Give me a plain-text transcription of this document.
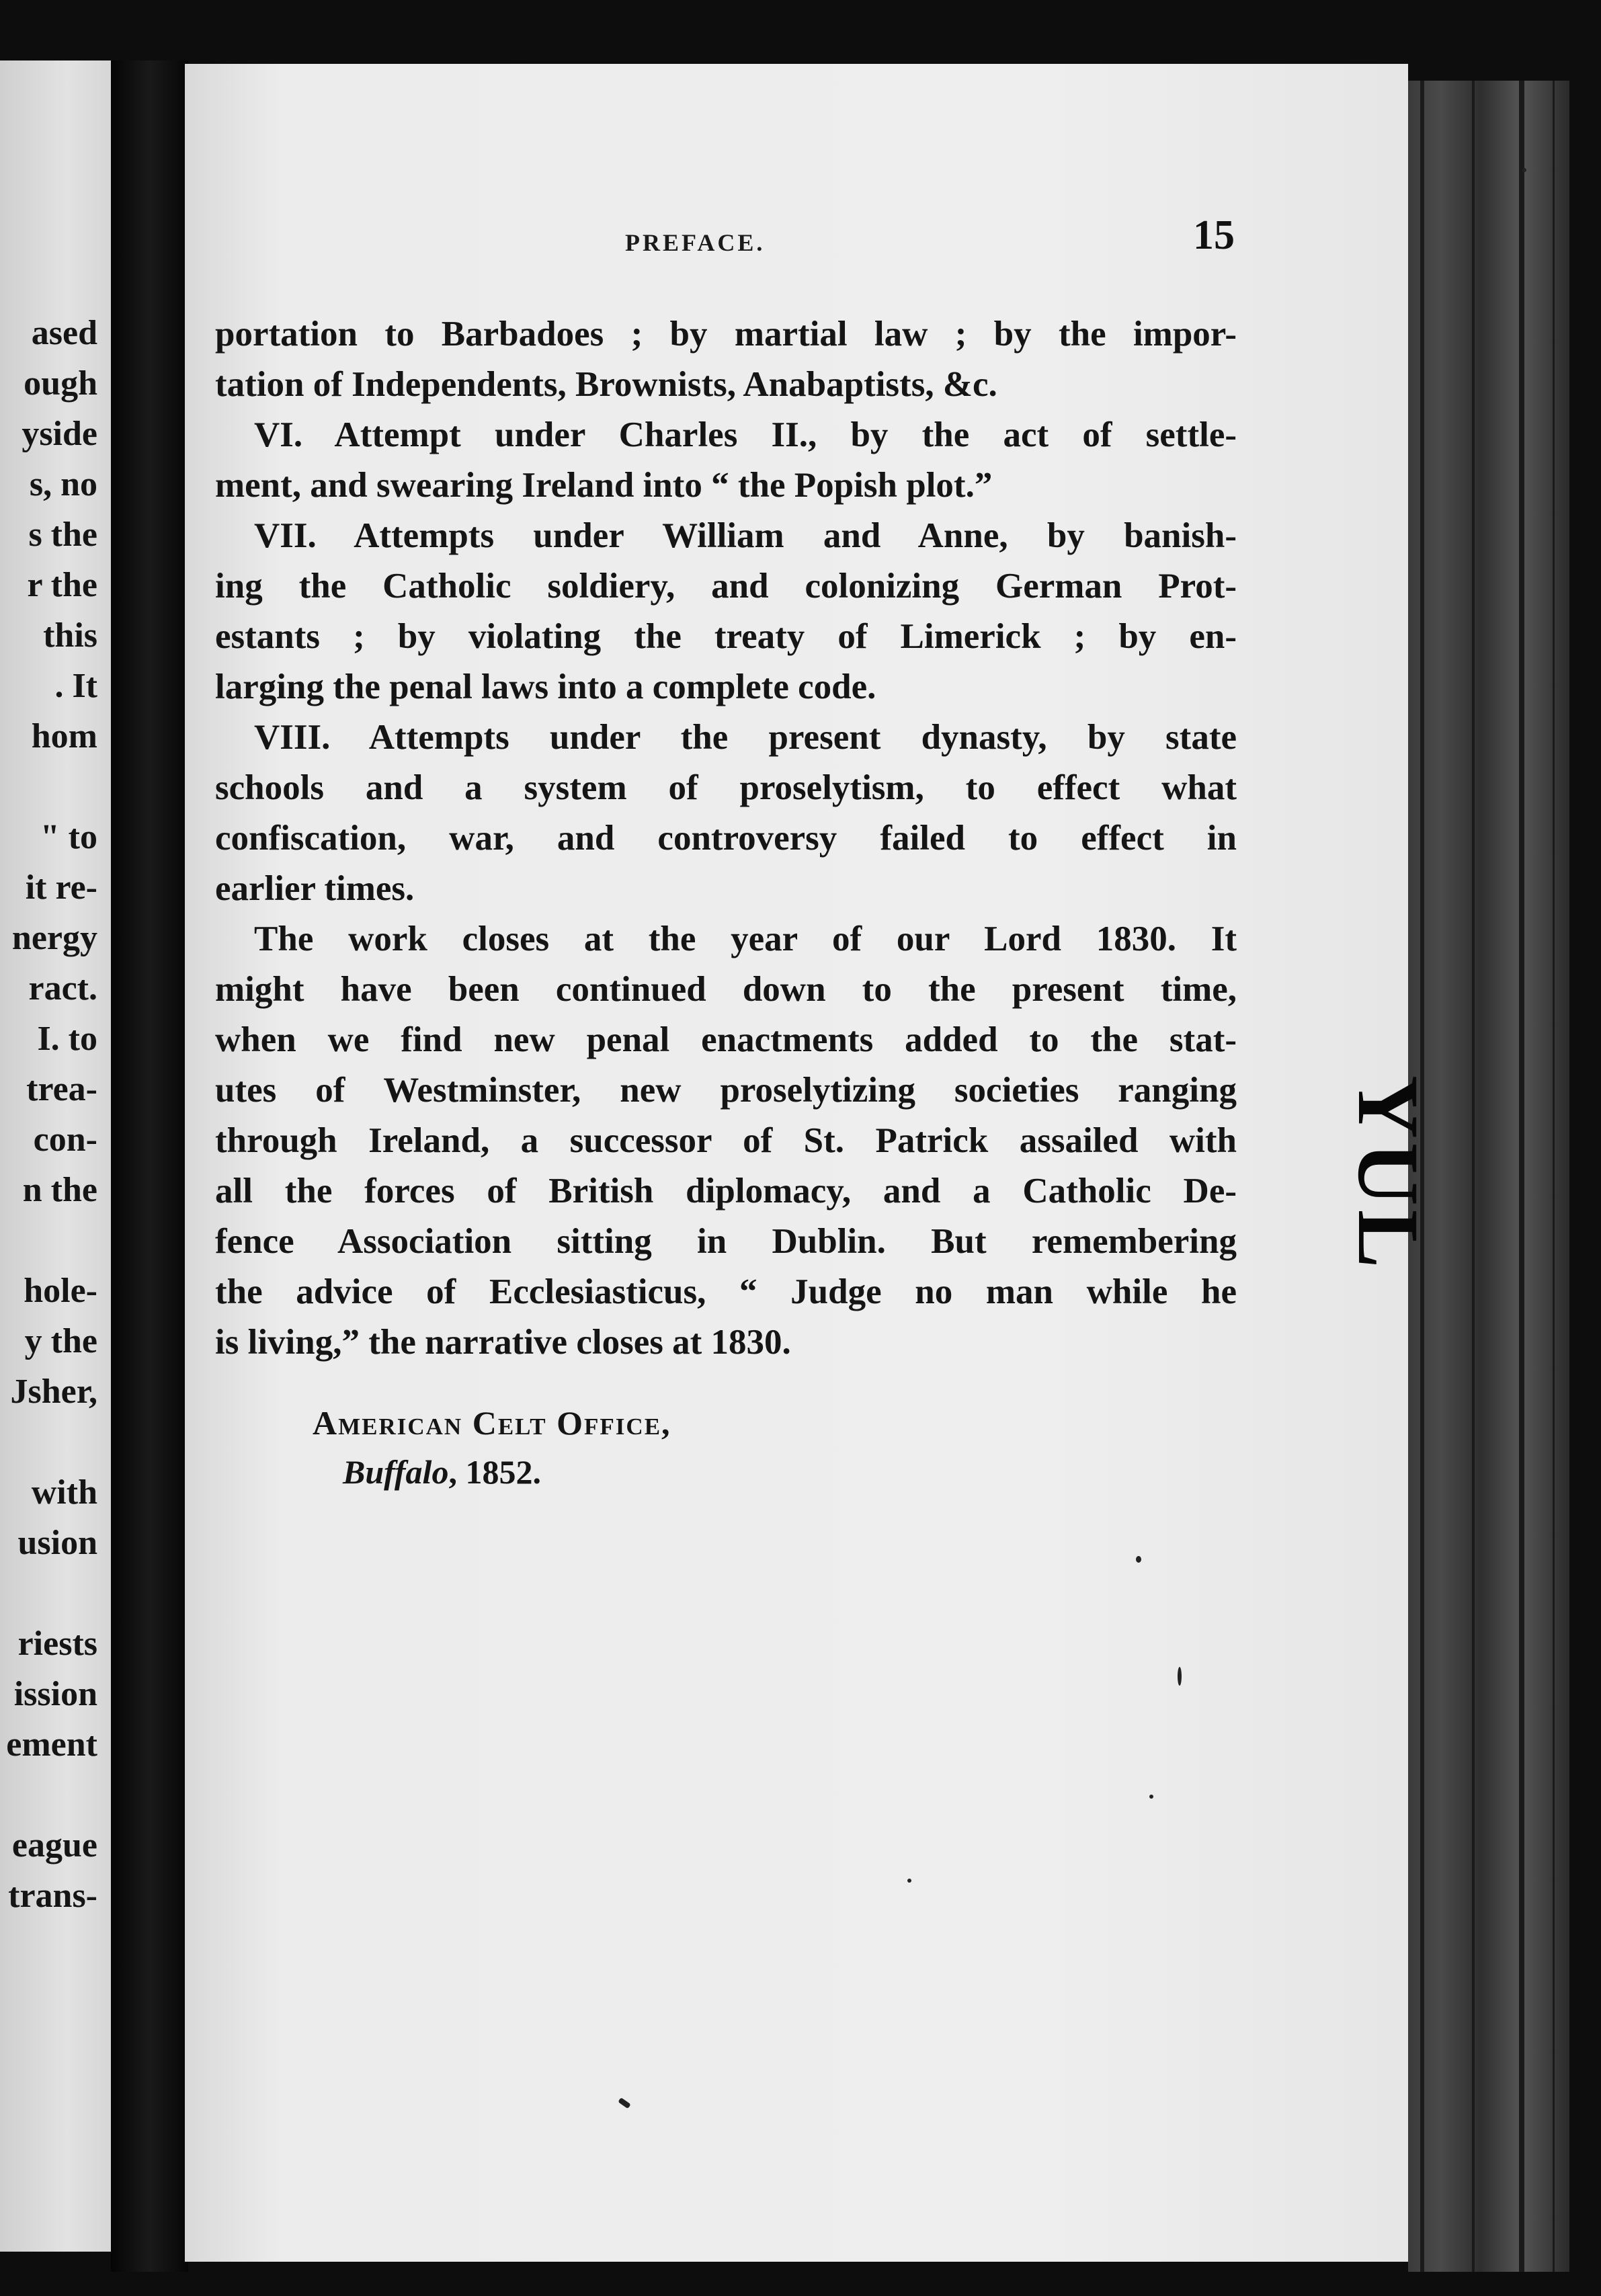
ased
ough
yside
s, no
s the
r the
this
. It
hom
" to
it re-
nergy
ract.
I. to
trea-
con-
n the
hole-
y the
Jsher,
with
usion
riests
ission
ement
eague
trans-
YUL
PREFACE.	15
portation to Barbadoes ; by martial law ; by the impor-
tation of Independents, Brownists, Anabaptists, &c.
VI. Attempt under Charles II., by the act of settle-
ment, and swearing Ireland into “ the Popish plot.”
VII. Attempts under William and Anne, by banish-
ing the Catholic soldiery, and colonizing German Prot-
estants ; by violating the treaty of Limerick ; by en-
larging the penal laws into a complete code.
VIII. Attempts under the present dynasty, by state
schools and a system of proselytism, to effect what
confiscation, war, and controversy failed to effect in
earlier times.
The work closes at the year of our Lord 1830. It
might have been continued down to the present time,
when we find new penal enactments added to the stat-
utes of Westminster, new proselytizing societies ranging
through Ireland, a successor of St. Patrick assailed with
all the forces of British diplomacy, and a Catholic De-
fence Association sitting in Dublin. But remembering
the advice of Ecclesiasticus, “ Judge no man while he
is living,” the narrative closes at 1830.
American Celt Office,
Buffalo, 1852.
